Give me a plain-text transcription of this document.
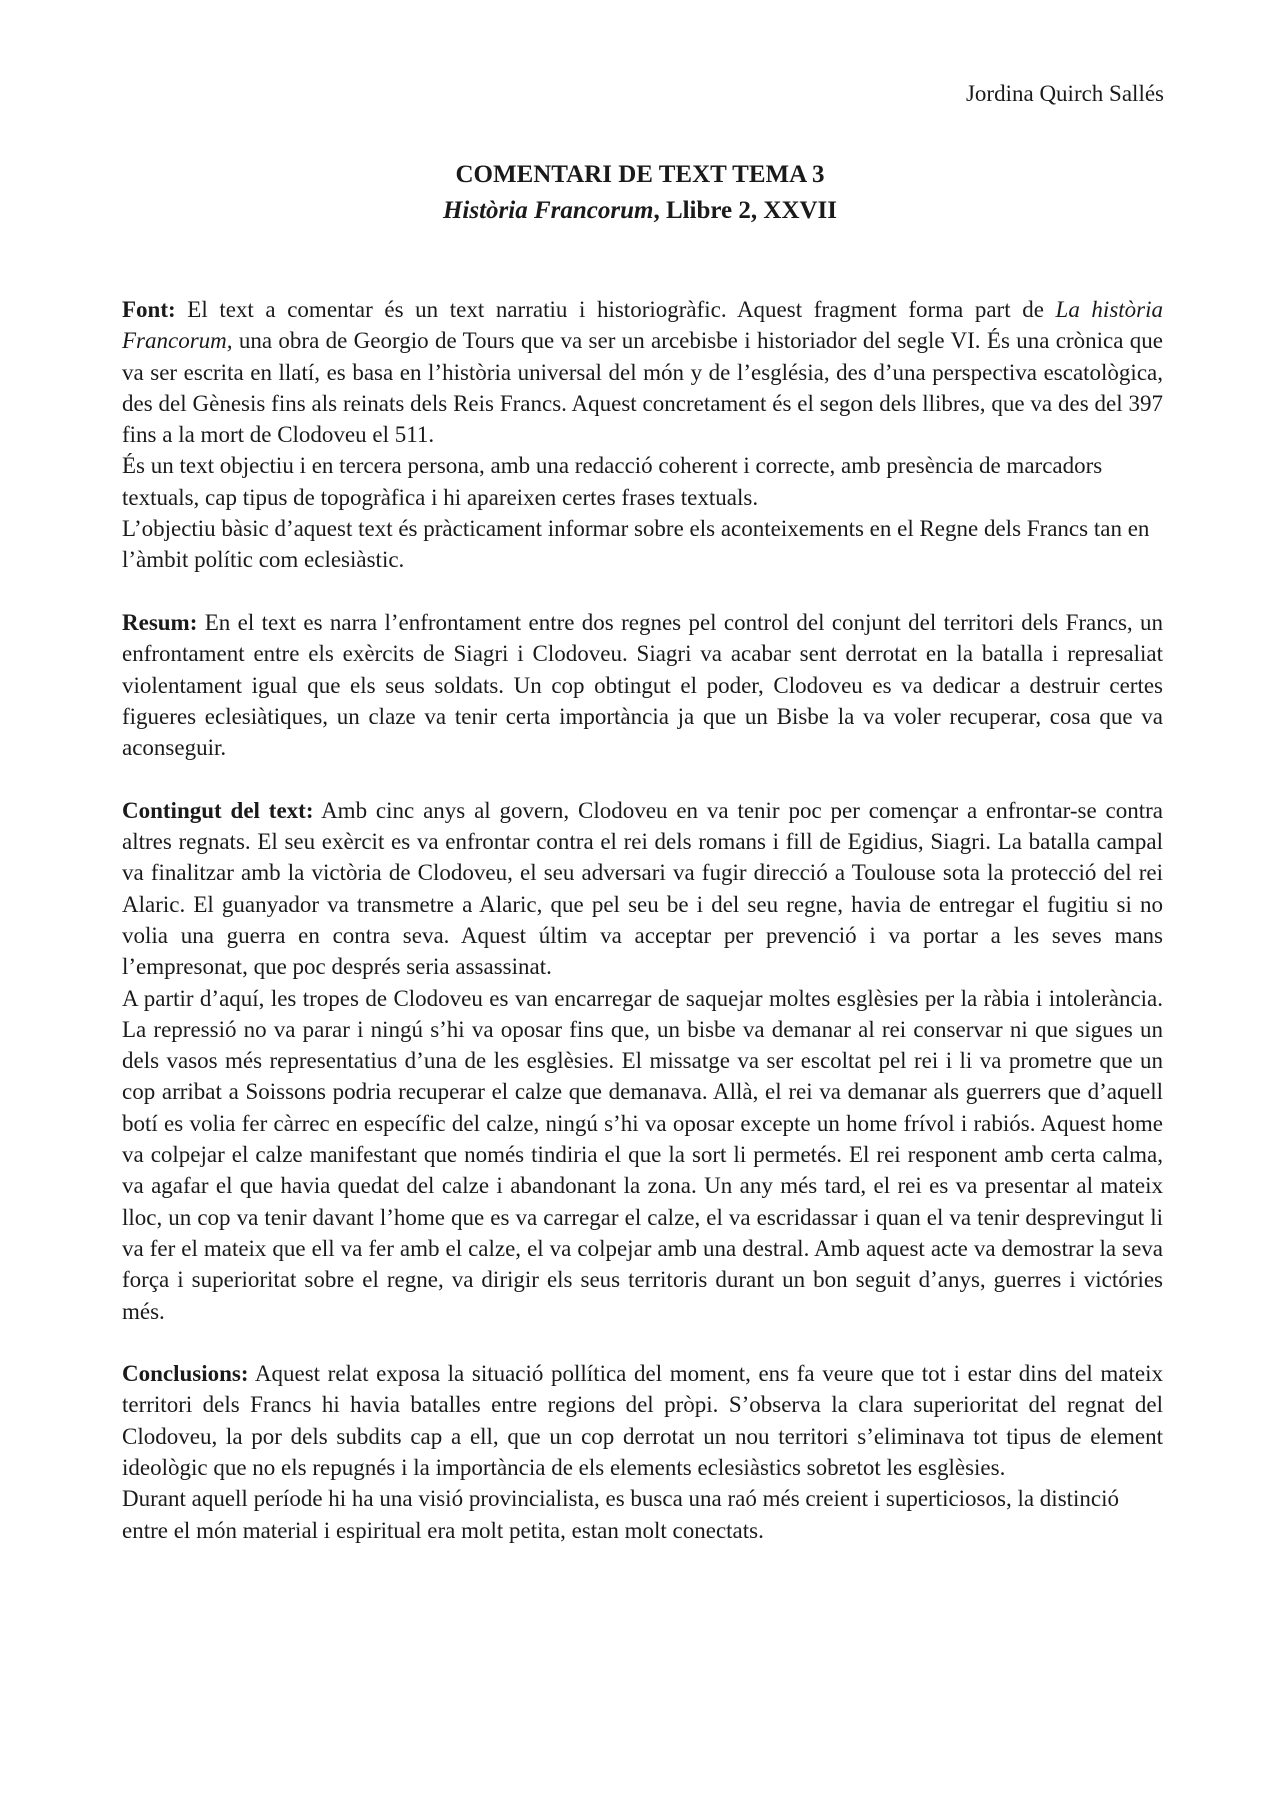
Jordina Quirch Sallés
COMENTARI DE TEXT TEMA 3
Història Francorum, Llibre 2, XXVII

Font: El text a comentar és un text narratiu i historiogràfic. Aquest fragment forma part de La història Francorum, una obra de Georgio de Tours que va ser un arcebisbe i historiador del segle VI. És una crònica que va ser escrita en llatí, es basa en l’història universal del món y de l’església, des d’una perspectiva escatològica, des del Gènesis fins als reinats dels Reis Francs. Aquest concretament és el segon dels llibres, que va des del 397 fins a la mort de Clodoveu el 511.

És un text objectiu i en tercera persona, amb una redacció coherent i correcte, amb presència de marcadors textuals, cap tipus de topogràfica i hi apareixen certes frases textuals.

L’objectiu bàsic d’aquest text és pràcticament informar sobre els aconteixements en el Regne dels Francs tan en l’àmbit polític com eclesiàstic.

Resum: En el text es narra l’enfrontament entre dos regnes pel control del conjunt del territori dels Francs, un enfrontament entre els exèrcits de Siagri i Clodoveu. Siagri va acabar sent derrotat en la batalla i represaliat violentament igual que els seus soldats. Un cop obtingut el poder, Clodoveu es va dedicar a destruir certes figueres eclesiàtiques, un claze va tenir certa importància ja que un Bisbe la va voler recuperar, cosa que va aconseguir.

Contingut del text: Amb cinc anys al govern, Clodoveu en va tenir poc per començar a enfrontar-se contra altres regnats. El seu exèrcit es va enfrontar contra el rei dels romans i fill de Egidius, Siagri. La batalla campal va finalitzar amb la victòria de Clodoveu, el seu adversari va fugir direcció a Toulouse sota la protecció del rei Alaric. El guanyador va transmetre a Alaric, que pel seu be i del seu regne, havia de entregar el fugitiu si no volia una guerra en contra seva. Aquest últim va acceptar per prevenció i va portar a les seves mans l’empresonat, que poc després seria assassinat.

A partir d’aquí, les tropes de Clodoveu es van encarregar de saquejar moltes esglèsies per la ràbia i intolerància. La repressió no va parar i ningú s’hi va oposar fins que, un bisbe va demanar al rei conservar ni que sigues un dels vasos més representatius d’una de les esglèsies. El missatge va ser escoltat pel rei i li va prometre que un cop arribat a Soissons podria recuperar el calze que demanava. Allà, el rei va demanar als guerrers que d’aquell botí es volia fer càrrec en específic del calze, ningú s’hi va oposar excepte un home frívol i rabiós. Aquest home va colpejar el calze manifestant que només tindiria el que la sort li permetés. El rei responent amb certa calma, va agafar el que havia quedat del calze i abandonant la zona. Un any més tard, el rei es va presentar al mateix lloc, un cop va tenir davant l’home que es va carregar el calze, el va escridassar i quan el va tenir desprevingut li va fer el mateix que ell va fer amb el calze, el va colpejar amb una destral. Amb aquest acte va demostrar la seva força i superioritat sobre el regne, va dirigir els seus territoris durant un bon seguit d’anys, guerres i victóries més.

Conclusions: Aquest relat exposa la situació pollítica del moment, ens fa veure que tot i estar dins del mateix territori dels Francs hi havia batalles entre regions del pròpi. S’observa la clara superioritat del regnat del Clodoveu, la por dels subdits cap a ell, que un cop derrotat un nou territori s’eliminava tot tipus de element ideològic que no els repugnés i la importància de els elements eclesiàstics sobretot les esglèsies.

Durant aquell període hi ha una visió provincialista, es busca una raó més creient i superticiosos, la distinció entre el món material i espiritual era molt petita, estan molt conectats.
